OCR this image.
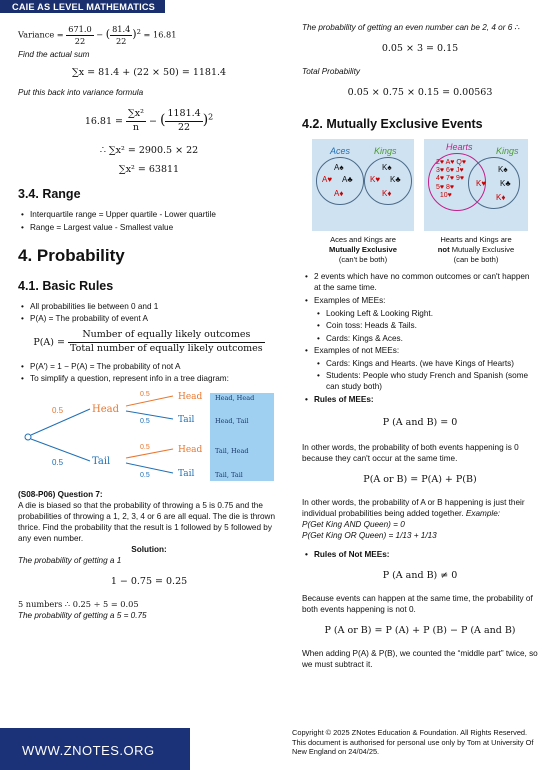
CAIE AS LEVEL MATHEMATICS
Variance = $\frac{671.0}{22}$ − ( $\frac{81.4}{22} )^2 = 16.81$
Find the actual sum
∑x = 81.4 + (22 × 50) = 1181.4
Put this back into variance formula
$16.81 = \frac{\text{∑x²}}{n}$ − ( $\frac{1181.4}{22} )^2$
∴ ∑x² = 2900.5 × 22
∑x² = 63811
3.4. Range
• Interquartile range = Upper quartile - Lower quartile
• Range = Largest value - Smallest value
4. Probability
4.1. Basic Rules
• All probabilities lie between 0 and 1
• P(A) = The probability of event A
$P(A) = \frac{\text{Number of equally likely outcomes}}{\text{Total number of equally likely outcomes}}$
• P(A′) = 1 − P(A) = The probability of not A
• To simplify a question, represent info in a tree diagram:
0.5
0.5
Head
Tail
0.5
0.5
0.5
0.5
Head
Tail
Head
Tail
Head, Head
Head, Tail
Tail, Head
Tail, Tail
(S08-P06) Question 7:
A die is biased so that the probability of throwing a 5 is 0.75 and the probabilities of throwing a 1, 2, 3, 4 or 6 are all equal. The die is thrown thrice. Find the probability that the result is 1 followed by 5 followed by any even number.
Solution:
The probability of getting a 1
1 − 0.75 = 0.25
5 numbers ∴ 0.25 ÷ 5 = 0.05
The probability of getting a 5 = 0.75
The probability of getting an even number can be 2, 4 or 6 ∴
0.05 × 3 = 0.15
Total Probability
0.05 × 0.75 × 0.15 = 0.00563
4.2. Mutually Exclusive Events
Aces	Kings
A♠
A♥ A♣
A♦
K♠
K♥ K♣
K♦
Aces and Kings are
Mutually Exclusive
(can't be both)
Hearts	Kings
2♥ A♥ Q♥
3♥ 6♥ J♥
4♥ 7♥ 9♥
5♥ 8♥
10♥
K♥
K♠
K♣
K♦
Hearts and Kings are
not Mutually Exclusive
(can be both)
• 2 events which have no common outcomes or can't happen at the same time.
• Examples of MEEs:
• Looking Left & Looking Right.
• Coin toss: Heads & Tails.
• Cards: Kings & Aces.
• Examples of not MEEs:
• Cards: Kings and Hearts. (we have Kings of Hearts)
• Students: People who study French and Spanish (some can study both)
• Rules of MEEs:
P (A and B) = 0
In other words, the probability of both events happening is 0 because they can't occur at the same time.
P(A or B) = P(A) + P(B)
In other words, the probability of A or B happening is just their individual probabilities being added together. Example:
P(Get King AND Queen) = 0
P(Get King OR Queen) = 1/13 + 1/13
• Rules of Not MEEs:
P (A and B) ≠ 0
Because events can happen at the same time, the probability of both events happening is not 0.
P (A or B) = P (A) + P (B) − P (A and B)
When adding P(A) & P(B), we counted the “middle part” twice, so we must subtract it.
WWW.ZNOTES.ORG
Copyright © 2025 ZNotes Education & Foundation. All Rights Reserved. This document is authorised for personal use only by Tom at University Of New England on 24/04/25.
